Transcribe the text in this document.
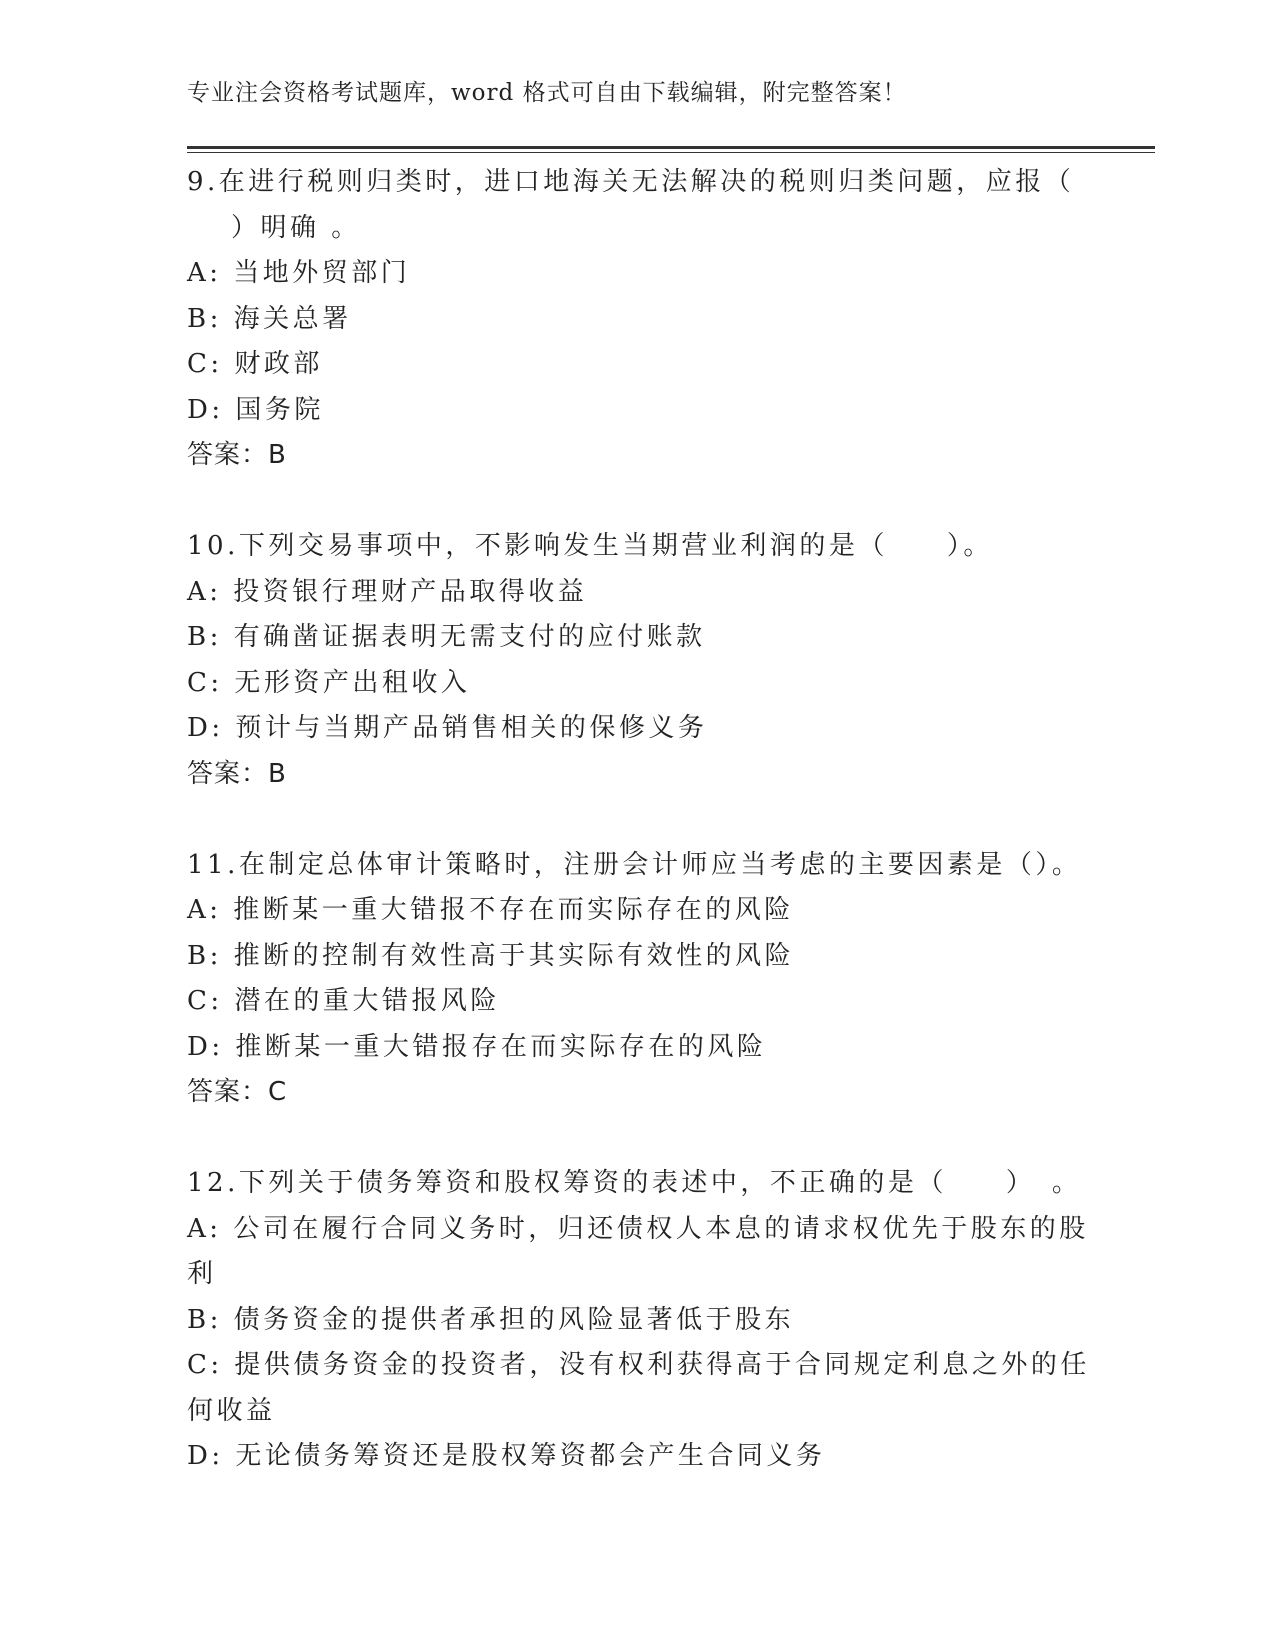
专业注会资格考试题库，word 格式可自由下载编辑，附完整答案！
9.在进行税则归类时，进口地海关无法解决的税则归类问题，应报（
）明确 。
A: 当地外贸部门
B: 海关总署
C: 财政部
D: 国务院
答案：B
10.下列交易事项中，不影响发生当期营业利润的是（　　）。
A: 投资银行理财产品取得收益
B: 有确凿证据表明无需支付的应付账款
C: 无形资产出租收入
D: 预计与当期产品销售相关的保修义务
答案：B
11.在制定总体审计策略时，注册会计师应当考虑的主要因素是（）。
A: 推断某一重大错报不存在而实际存在的风险
B: 推断的控制有效性高于其实际有效性的风险
C: 潜在的重大错报风险
D: 推断某一重大错报存在而实际存在的风险
答案：C
12.下列关于债务筹资和股权筹资的表述中，不正确的是（　　）　。
A: 公司在履行合同义务时，归还债权人本息的请求权优先于股东的股
利
B: 债务资金的提供者承担的风险显著低于股东
C: 提供债务资金的投资者，没有权利获得高于合同规定利息之外的任
何收益
D: 无论债务筹资还是股权筹资都会产生合同义务
